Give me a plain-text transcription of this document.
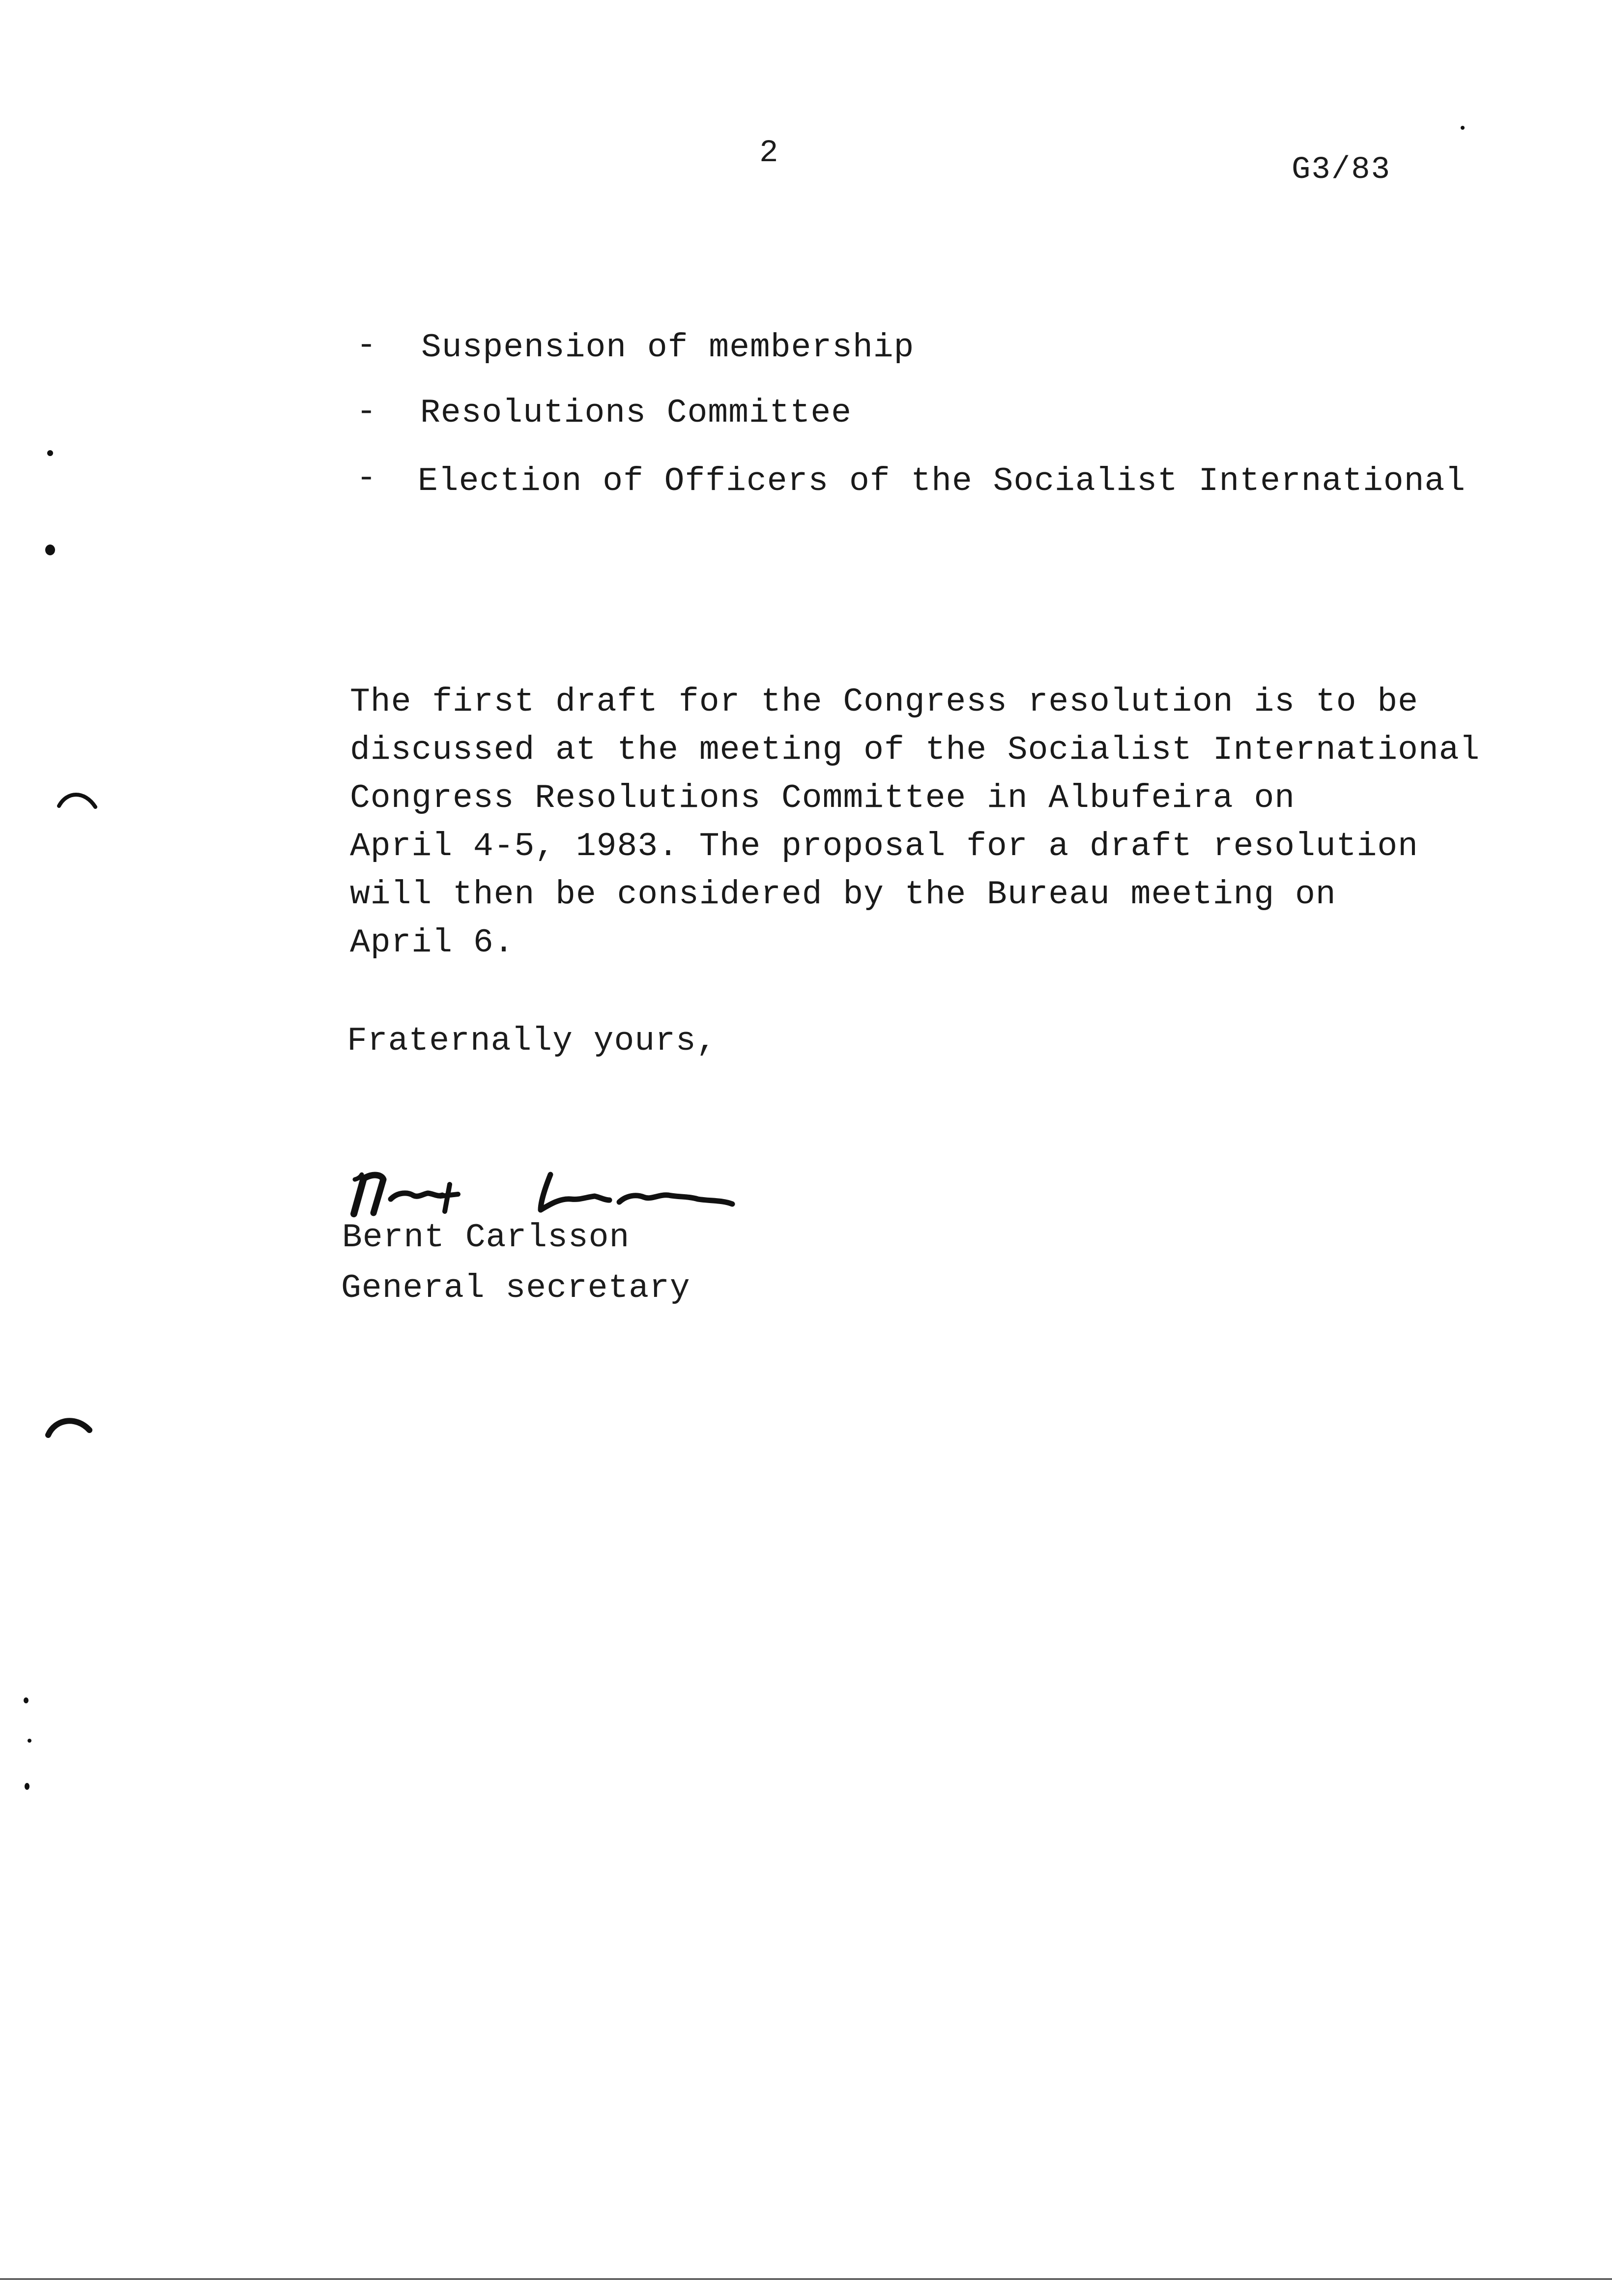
2	G3/83
- Suspension of membership
- Resolutions Committee
- Election of Officers of the Socialist International
The first draft for the Congress resolution is to be
discussed at the meeting of the Socialist International
Congress Resolutions Committee in Albufeira on
April 4-5, 1983. The proposal for a draft resolution
will then be considered by the Bureau meeting on
April 6.
Fraternally yours,
Bernt Carlsson
General secretary
